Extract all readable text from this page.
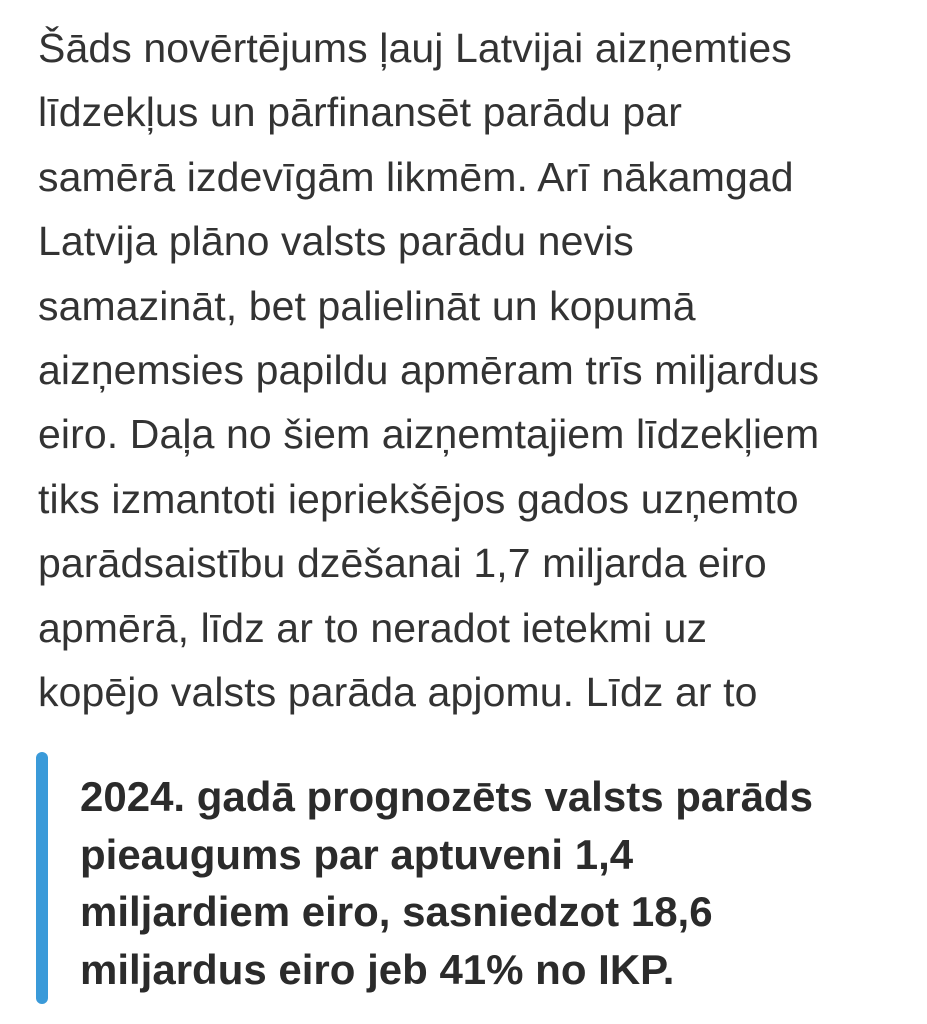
Šāds novērtējums ļauj Latvijai aizņemties
līdzekļus un pārfinansēt parādu par
samērā izdevīgām likmēm. Arī nākamgad
Latvija plāno valsts parādu nevis
samazināt, bet palielināt un kopumā
aizņemsies papildu apmēram trīs miljardus
eiro. Daļa no šiem aizņemtajiem līdzekļiem
tiks izmantoti iepriekšējos gados uzņemto
parādsaistību dzēšanai 1,7 miljarda eiro
apmērā, līdz ar to neradot ietekmi uz
kopējo valsts parāda apjomu. Līdz ar to
2024. gadā prognozēts valsts parāds
pieaugums par aptuveni 1,4
miljardiem eiro, sasniedzot 18,6
miljardus eiro jeb 41% no IKP.
